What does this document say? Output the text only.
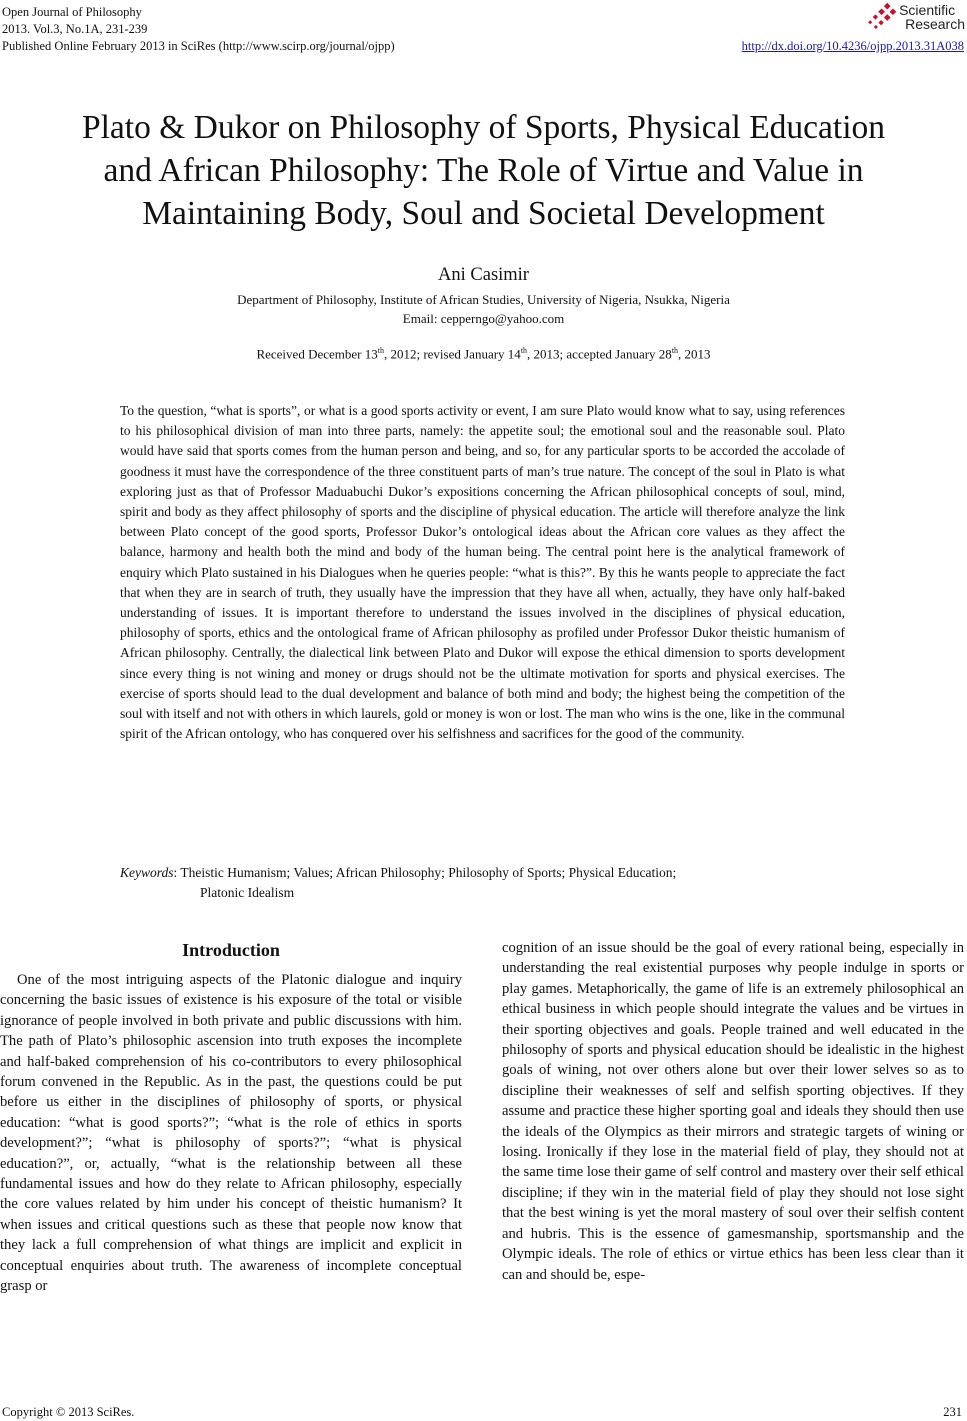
Open Journal of Philosophy
2013. Vol.3, No.1A, 231-239
Published Online February 2013 in SciRes (http://www.scirp.org/journal/ojpp)	http://dx.doi.org/10.4236/ojpp.2013.31A038
Scientific
Research
Plato & Dukor on Philosophy of Sports, Physical Education
and African Philosophy: The Role of Virtue and Value in
Maintaining Body, Soul and Societal Development
Ani Casimir
Department of Philosophy, Institute of African Studies, University of Nigeria, Nsukka, Nigeria
Email: cepperngo@yahoo.com
Received December 13th, 2012; revised January 14th, 2013; accepted January 28th, 2013
To the question, “what is sports”, or what is a good sports activity or event, I am sure Plato would know what to say, using references to his philosophical division of man into three parts, namely: the appetite soul; the emotional soul and the reasonable soul. Plato would have said that sports comes from the human person and being, and so, for any particular sports to be accorded the accolade of goodness it must have the correspondence of the three constituent parts of man’s true nature. The concept of the soul in Plato is what exploring just as that of Professor Maduabuchi Dukor’s expositions concerning the African philosophical concepts of soul, mind, spirit and body as they affect philosophy of sports and the discipline of physical education. The article will therefore analyze the link between Plato concept of the good sports, Professor Dukor’s ontological ideas about the African core values as they affect the balance, harmony and health both the mind and body of the human being. The central point here is the analytical framework of enquiry which Plato sustained in his Dialogues when he queries people: “what is this?”. By this he wants people to appreciate the fact that when they are in search of truth, they usually have the impression that they have all when, actually, they have only half-baked understanding of issues. It is important therefore to understand the issues involved in the disciplines of physical education, philosophy of sports, ethics and the ontological frame of African philosophy as profiled under Professor Dukor theistic humanism of African philosophy. Centrally, the dialectical link between Plato and Dukor will expose the ethical dimension to sports development since every thing is not wining and money or drugs should not be the ultimate motivation for sports and physical exercises. The exercise of sports should lead to the dual development and balance of both mind and body; the highest being the competition of the soul with itself and not with others in which laurels, gold or money is won or lost. The man who wins is the one, like in the communal spirit of the African ontology, who has conquered over his selfishness and sacrifices for the good of the community.
Keywords: Theistic Humanism; Values; African Philosophy; Philosophy of Sports; Physical Education;
Platonic Idealism
Introduction

One of the most intriguing aspects of the Platonic dialogue and inquiry concerning the basic issues of existence is his exposure of the total or visible ignorance of people involved in both private and public discussions with him. The path of Plato’s philosophic ascension into truth exposes the incomplete and half-baked comprehension of his co-contributors to every philosophical forum convened in the Republic. As in the past, the questions could be put before us either in the disciplines of philosophy of sports, or physical education: “what is good sports?”; “what is the role of ethics in sports development?”; “what is philosophy of sports?”; “what is physical education?”, or, actually, “what is the relationship between all these fundamental issues and how do they relate to African philosophy, especially the core values related by him under his concept of theistic humanism? It when issues and critical questions such as these that people now know that they lack a full comprehension of what things are implicit and explicit in conceptual enquiries about truth. The awareness of incomplete conceptual grasp or

cognition of an issue should be the goal of every rational being, especially in understanding the real existential purposes why people indulge in sports or play games. Metaphorically, the game of life is an extremely philosophical an ethical business in which people should integrate the values and be virtues in their sporting objectives and goals. People trained and well educated in the philosophy of sports and physical education should be idealistic in the highest goals of wining, not over others alone but over their lower selves so as to discipline their weaknesses of self and selfish sporting objectives. If they assume and practice these higher sporting goal and ideals they should then use the ideals of the Olympics as their mirrors and strategic targets of wining or losing. Ironically if they lose in the material field of play, they should not at the same time lose their game of self control and mastery over their self ethical discipline; if they win in the material field of play they should not lose sight that the best wining is yet the moral mastery of soul over their selfish content and hubris. This is the essence of gamesmanship, sportsmanship and the Olympic ideals. The role of ethics or virtue ethics has been less clear than it can and should be, espe-

Copyright © 2013 SciRes.	231
